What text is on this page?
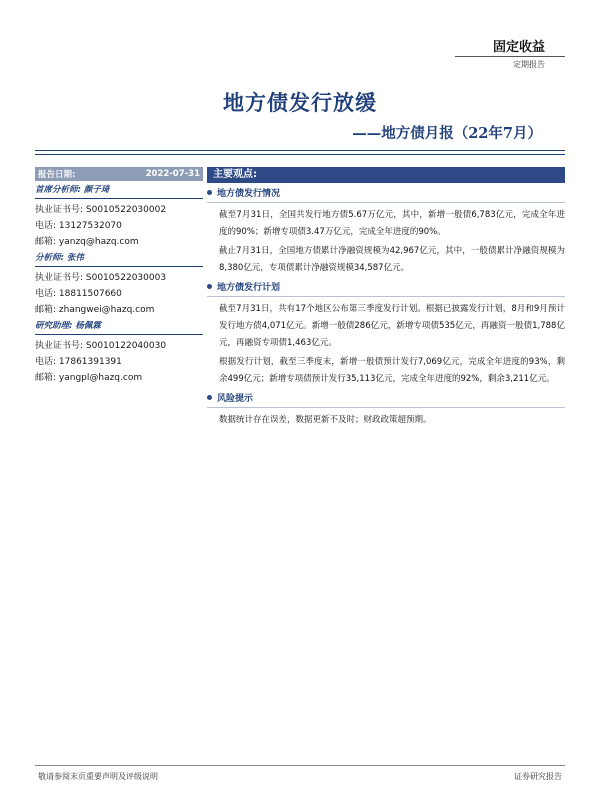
固定收益
定期报告
地方债发行放缓
——地方债月报（22年7月）
报告日期:	2022-07-31
首席分析师: 颜子琦
执业证书号: S0010522030002
电话: 13127532070
邮箱: yanzq@hazq.com
分析师: 张伟
执业证书号: S0010522030003
电话: 18811507660
邮箱: zhangwei@hazq.com
研究助理: 杨佩霖
执业证书号: S0010122040030
电话: 17861391391
邮箱: yangpl@hazq.com
主要观点:
地方债发行情况
截至7月31日，全国共发行地方债5.67万亿元，其中，新增一般债6,783亿元，完成全年进度的90%；新增专项债3.47万亿元，完成全年进度的90%。
截止7月31日，全国地方债累计净融资规模为42,967亿元，其中，一般债累计净融资规模为8,380亿元，专项债累计净融资规模34,587亿元。
地方债发行计划
截至7月31日，共有17个地区公布第三季度发行计划。根据已披露发行计划，8月和9月预计发行地方债4,071亿元。新增一般债286亿元，新增专项债535亿元，再融资一般债1,788亿元，再融资专项债1,463亿元。
根据发行计划，截至三季度末，新增一般债预计发行7,069亿元，完成全年进度的93%，剩余499亿元；新增专项债预计发行35,113亿元，完成全年进度的92%，剩余3,211亿元。
风险提示
数据统计存在误差，数据更新不及时；财政政策超预期。
敬请参阅末页重要声明及评级说明	证券研究报告
